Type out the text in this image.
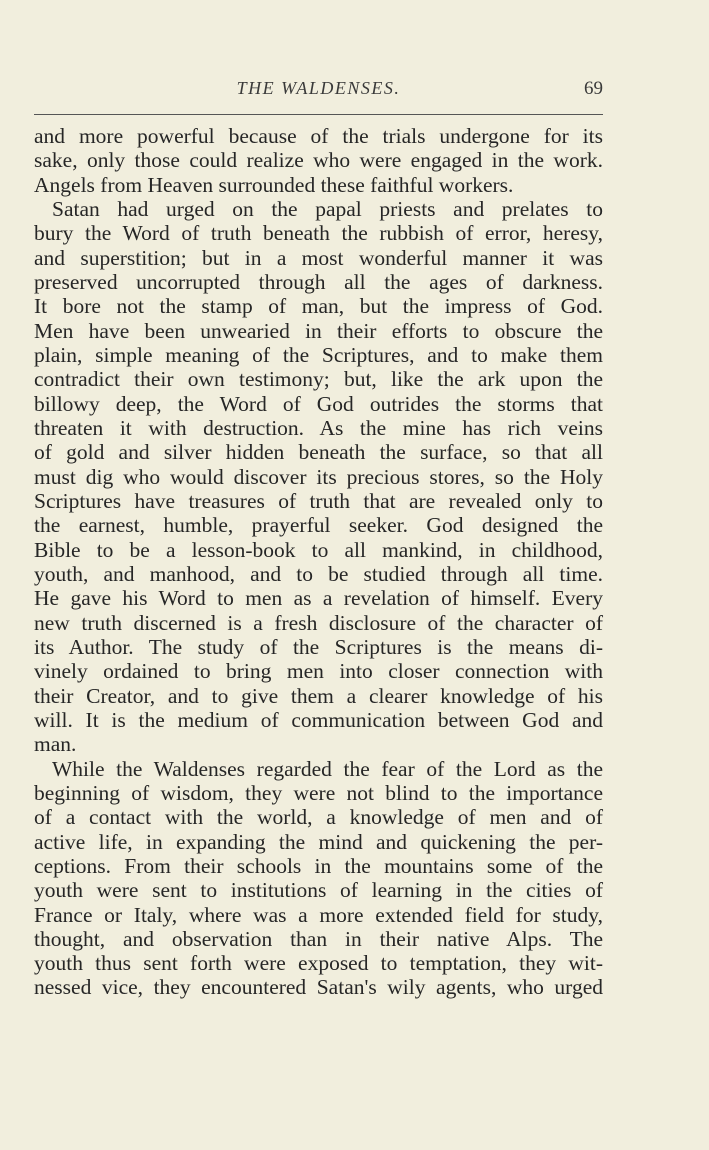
THE WALDENSES.	69
and more powerful because of the trials undergone for its
sake, only those could realize who were engaged in the work.
Angels from Heaven surrounded these faithful workers.
Satan had urged on the papal priests and prelates to
bury the Word of truth beneath the rubbish of error, heresy,
and superstition; but in a most wonderful manner it was
preserved uncorrupted through all the ages of darkness.
It bore not the stamp of man, but the impress of God.
Men have been unwearied in their efforts to obscure the
plain, simple meaning of the Scriptures, and to make them
contradict their own testimony; but, like the ark upon the
billowy deep, the Word of God outrides the storms that
threaten it with destruction. As the mine has rich veins
of gold and silver hidden beneath the surface, so that all
must dig who would discover its precious stores, so the Holy
Scriptures have treasures of truth that are revealed only to
the earnest, humble, prayerful seeker. God designed the
Bible to be a lesson-book to all mankind, in childhood,
youth, and manhood, and to be studied through all time.
He gave his Word to men as a revelation of himself. Every
new truth discerned is a fresh disclosure of the character of
its Author. The study of the Scriptures is the means di-
vinely ordained to bring men into closer connection with
their Creator, and to give them a clearer knowledge of his
will. It is the medium of communication between God and
man.
While the Waldenses regarded the fear of the Lord as the
beginning of wisdom, they were not blind to the importance
of a contact with the world, a knowledge of men and of
active life, in expanding the mind and quickening the per-
ceptions. From their schools in the mountains some of the
youth were sent to institutions of learning in the cities of
France or Italy, where was a more extended field for study,
thought, and observation than in their native Alps. The
youth thus sent forth were exposed to temptation, they wit-
nessed vice, they encountered Satan's wily agents, who urged
